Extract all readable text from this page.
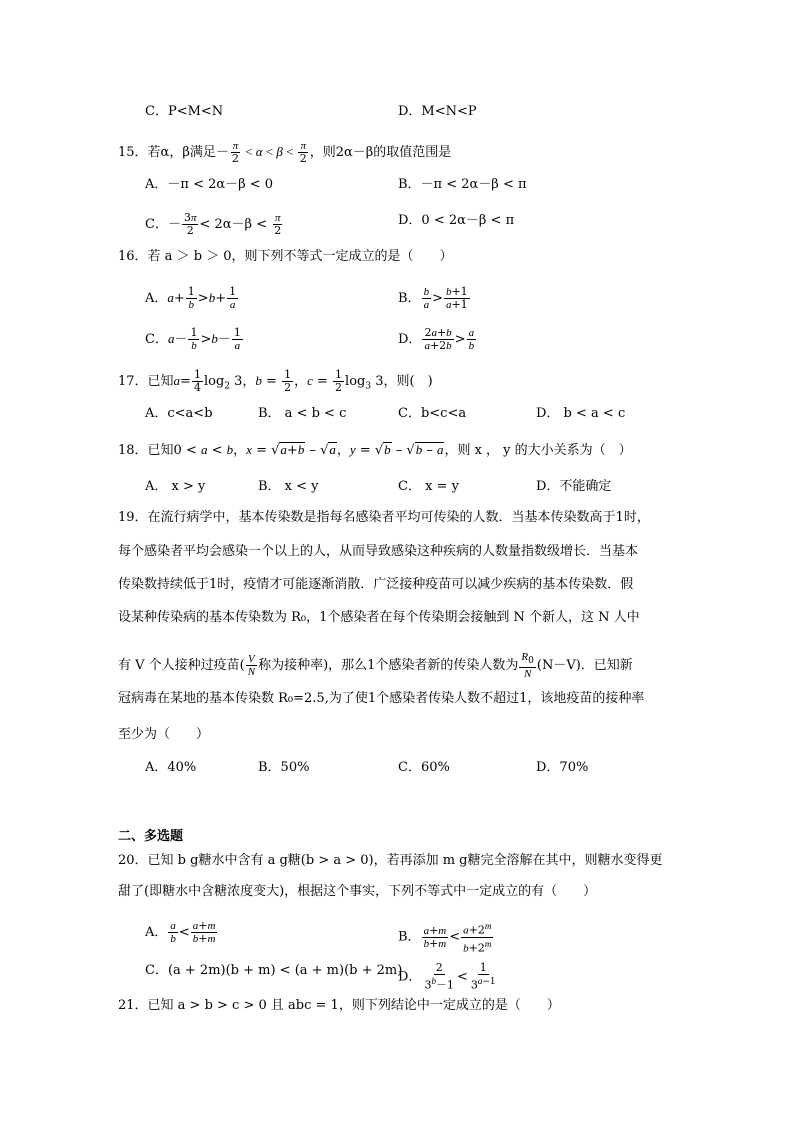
C．P<M<N	D．M<N<P
15．若α，β满足－ $\frac{\pi}{2} < \alpha < \beta < \frac{\pi}{2}$ ，则2α－β的取值范围是
A．－π < 2α－β < 0	B．－π < 2α－β < π
C．－ $\frac{3\pi}{2} < 2\alpha-\beta < \frac{\pi}{2}$	D．0 < 2α－β < π
16．若 a ＞ b ＞ 0，则下列不等式一定成立的是（　　）
A．$a+ \frac{1}{b} >b+ \frac{1}{a}$	B． $\frac{b}{a} > \frac{b+1}{a+1}$
C．$a- \frac{1}{b} >b- \frac{1}{a}$	D． $\frac{2a+b}{a+2b} > \frac{a}{b}$
17．已知$a= \frac{1}{4} \log_2 3$，$b = \frac{1}{2}$ ，$c = \frac{1}{2} \log_3 3$，则(　)
A．c<a<b	B． a < b < c	C．b<c<a	D． b < a < c
18．已知0 < a < b，x = √a+b – √a，y = √b – √b – a，则 x ， y 的大小关系为（　）
A． x > y	B． x < y	C． x = y	D．不能确定
19．在流行病学中，基本传染数是指每名感染者平均可传染的人数．当基本传染数高于1时，
每个感染者平均会感染一个以上的人，从而导致感染这种疾病的人数量指数级增长．当基本
传染数持续低于1时，疫情才可能逐渐消散．广泛接种疫苗可以减少疾病的基本传染数．假
设某种传染病的基本传染数为 R₀，1个感染者在每个传染期会接触到 N 个新人，这 N 人中
有 V 个人接种过疫苗( $\frac{V}{N}$ 称为接种率)，那么1个感染者新的传染人数为 $\frac{R_0}{N} (N-V)$．已知新
冠病毒在某地的基本传染数 R₀=2.5,为了使1个感染者传染人数不超过1，该地疫苗的接种率
至少为（　　）
A．40%	B．50%	C．60%	D．70%
二、多选题
20．已知 b g糖水中含有 a g糖(b > a > 0)，若再添加 m g糖完全溶解在其中，则糖水变得更
甜了(即糖水中含糖浓度变大)，根据这个事实，下列不等式中一定成立的有（　　）
A． $\frac{a}{b} < \frac{a+m}{b+m}$	B． $\frac{a+m}{b+m} < \frac{a+2^m}{b+2^m}$
C．(a + 2m)(b + m) < (a + m)(b + 2m)
D． $\frac{2}{3^b-1} < \frac{1}{3^{a-1}}$
21．已知 a > b > c > 0 且 abc = 1，则下列结论中一定成立的是（　　）
